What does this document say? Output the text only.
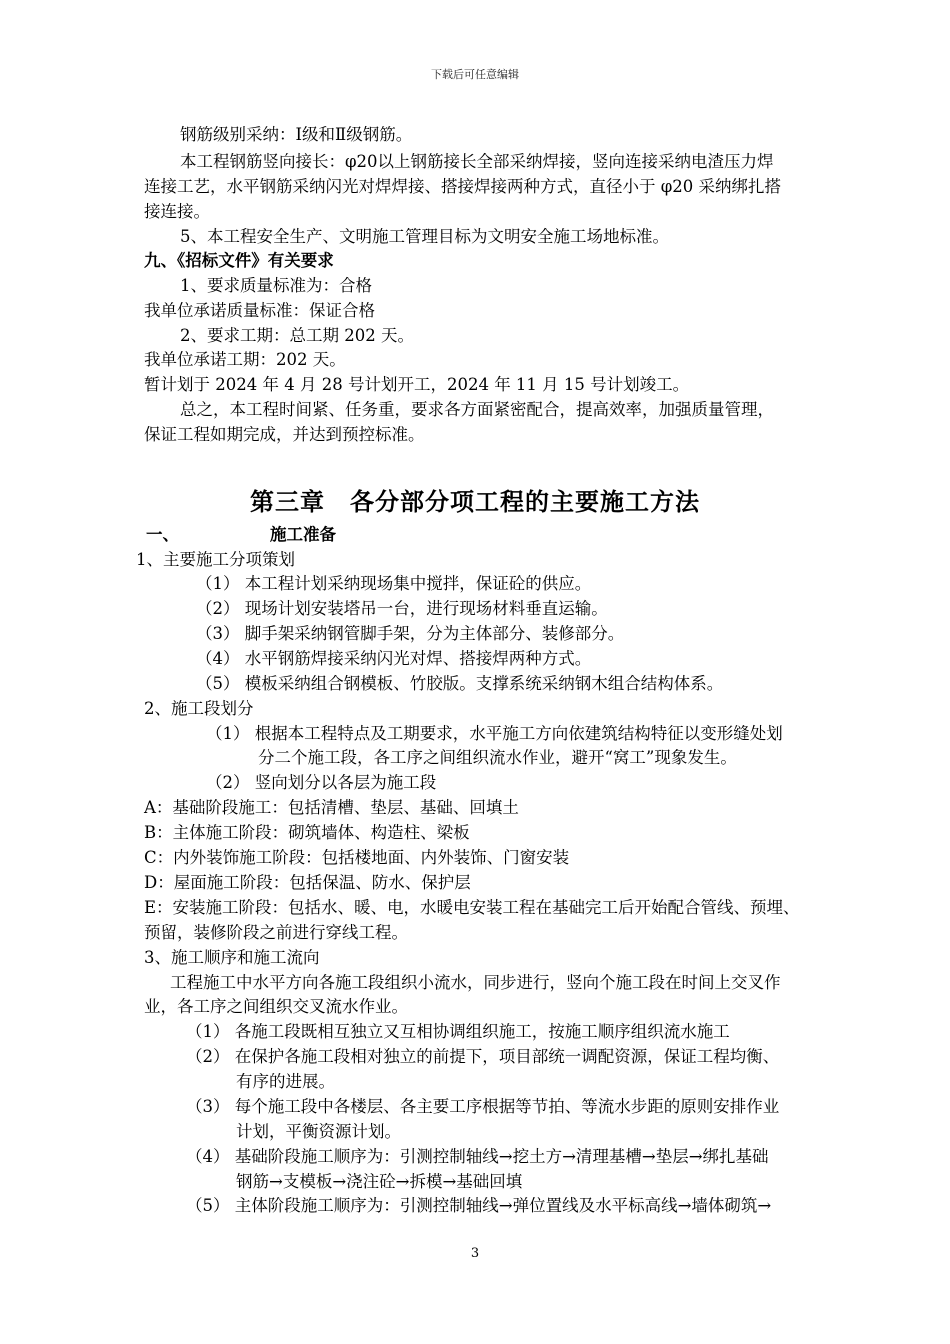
下载后可任意编辑
钢筋级别采纳：Ⅰ级和Ⅱ级钢筋。
本工程钢筋竖向接长：φ20以上钢筋接长全部采纳焊接，竖向连接采纳电渣压力焊
连接工艺，水平钢筋采纳闪光对焊焊接、搭接焊接两种方式，直径小于 φ20 采纳绑扎搭
接连接。
5、本工程安全生产、文明施工管理目标为文明安全施工场地标准。
九、《招标文件》有关要求
1、要求质量标准为：合格
我单位承诺质量标准：保证合格
2、要求工期：总工期 202 天。
我单位承诺工期：202 天。
暂计划于 2024 年 4 月 28 号计划开工，2024 年 11 月 15 号计划竣工。
总之，本工程时间紧、任务重，要求各方面紧密配合，提高效率，加强质量管理，
保证工程如期完成，并达到预控标准。
第三章　各分部分项工程的主要施工方法
一、	施工准备
1、主要施工分项策划
（1） 本工程计划采纳现场集中搅拌，保证砼的供应。
（2） 现场计划安装塔吊一台，进行现场材料垂直运输。
（3） 脚手架采纳钢管脚手架，分为主体部分、装修部分。
（4） 水平钢筋焊接采纳闪光对焊、搭接焊两种方式。
（5） 模板采纳组合钢模板、竹胶版。支撑系统采纳钢木组合结构体系。
2、施工段划分
（1） 根据本工程特点及工期要求，水平施工方向依建筑结构特征以变形缝处划
分二个施工段，各工序之间组织流水作业，避开“窝工”现象发生。
（2） 竖向划分以各层为施工段
A：基础阶段施工：包括清槽、垫层、基础、回填土
B：主体施工阶段：砌筑墙体、构造柱、梁板
C：内外装饰施工阶段：包括楼地面、内外装饰、门窗安装
D：屋面施工阶段：包括保温、防水、保护层
E：安装施工阶段：包括水、暖、电，水暖电安装工程在基础完工后开始配合管线、预埋、
预留，装修阶段之前进行穿线工程。
3、施工顺序和施工流向
工程施工中水平方向各施工段组织小流水，同步进行，竖向个施工段在时间上交叉作
业，各工序之间组织交叉流水作业。
（1） 各施工段既相互独立又互相协调组织施工，按施工顺序组织流水施工
（2） 在保护各施工段相对独立的前提下，项目部统一调配资源，保证工程均衡、
有序的进展。
（3） 每个施工段中各楼层、各主要工序根据等节拍、等流水步距的原则安排作业
计划，平衡资源计划。
（4） 基础阶段施工顺序为：引测控制轴线→挖土方→清理基槽→垫层→绑扎基础
钢筋→支模板→浇注砼→拆模→基础回填
（5） 主体阶段施工顺序为：引测控制轴线→弹位置线及水平标高线→墙体砌筑→
3
